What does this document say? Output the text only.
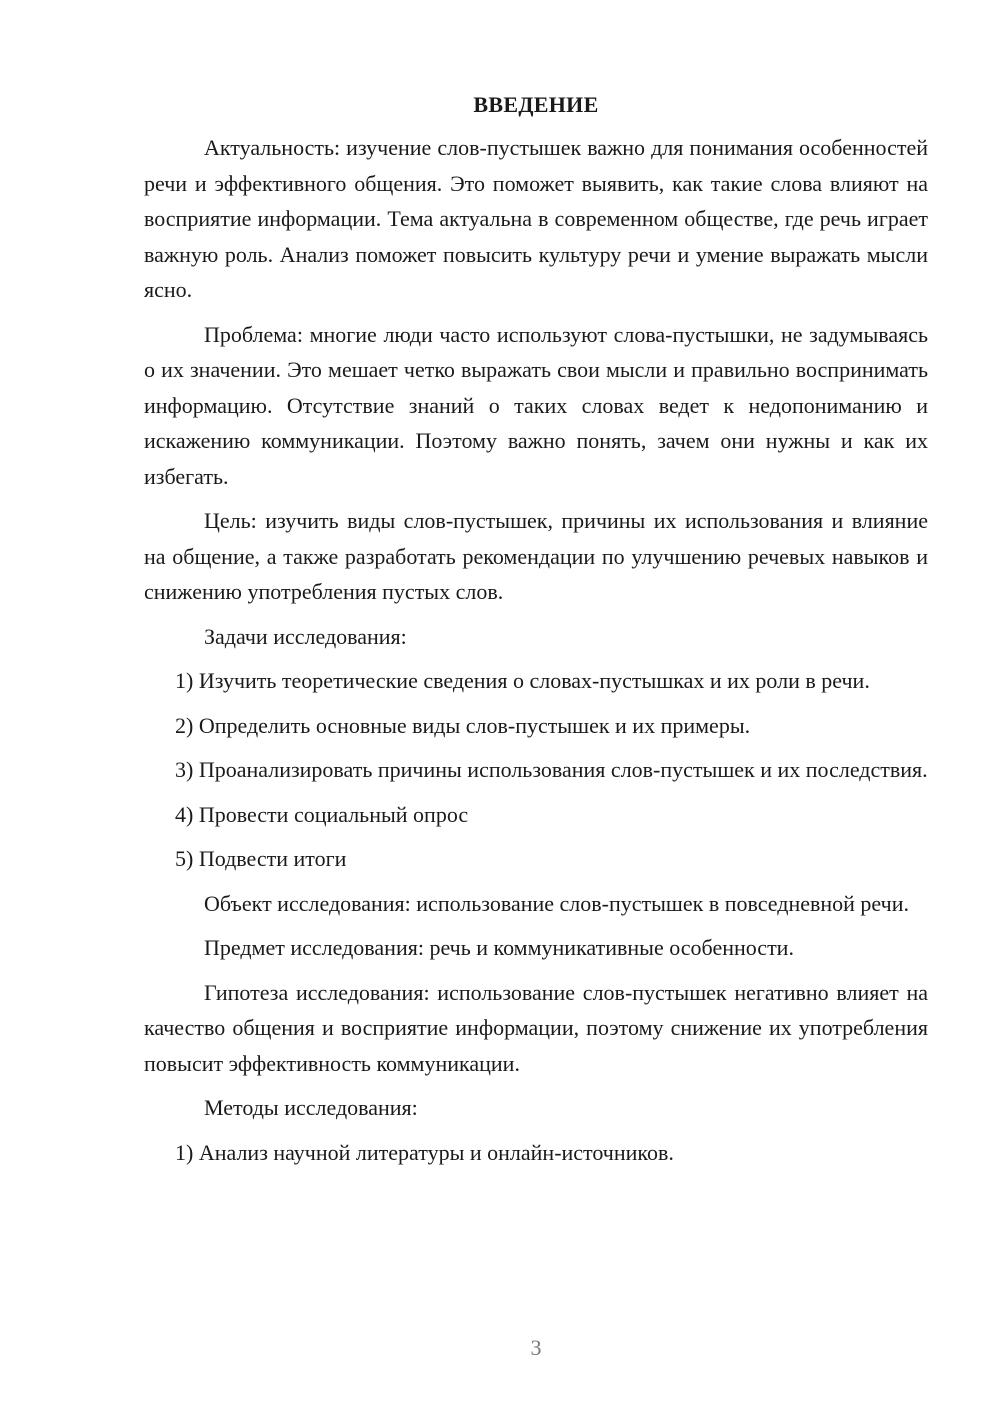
ВВЕДЕНИЕ

Актуальность: изучение слов-пустышек важно для понимания особенностей речи и эффективного общения. Это поможет выявить, как такие слова влияют на восприятие информации. Тема актуальна в современном обществе, где речь играет важную роль. Анализ поможет повысить культуру речи и умение выражать мысли ясно.

Проблема: многие люди часто используют слова-пустышки, не задумываясь о их значении. Это мешает четко выражать свои мысли и правильно воспринимать информацию. Отсутствие знаний о таких словах ведет к недопониманию и искажению коммуникации. Поэтому важно понять, зачем они нужны и как их избегать.

Цель: изучить виды слов-пустышек, причины их использования и влияние на общение, а также разработать рекомендации по улучшению речевых навыков и снижению употребления пустых слов.

Задачи исследования:

1) Изучить теоретические сведения о словах-пустышках и их роли в речи.

2) Определить основные виды слов-пустышек и их примеры.

3) Проанализировать причины использования слов-пустышек и их последствия.

4) Провести социальный опрос

5) Подвести итоги

Объект исследования: использование слов-пустышек в повседневной речи.

Предмет исследования: речь и коммуникативные особенности.

Гипотеза исследования: использование слов-пустышек негативно влияет на качество общения и восприятие информации, поэтому снижение их употребления повысит эффективность коммуникации.

Методы исследования:

1) Анализ научной литературы и онлайн-источников.

3
